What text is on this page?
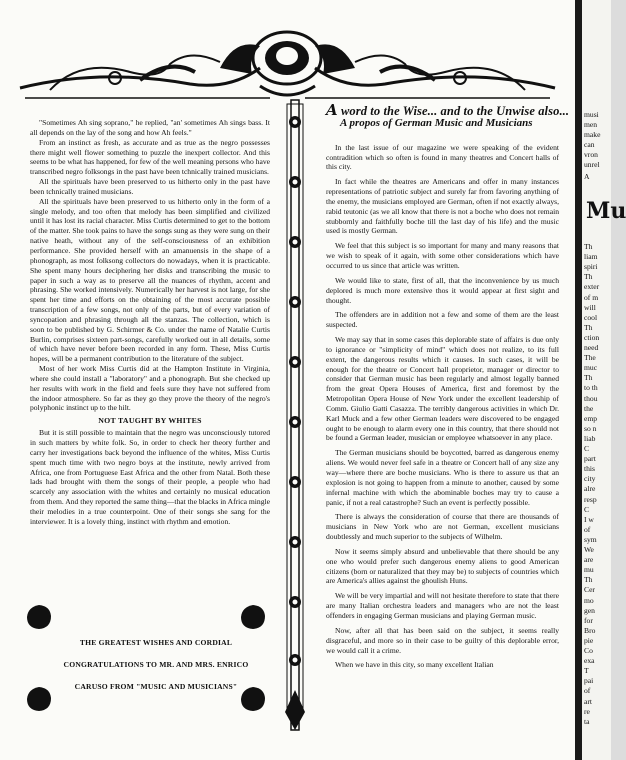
"Sometimes Ah sing soprano," he replied, "an' sometimes Ah sings bass. It all depends on the lay of the song and how Ah feels."

From an instinct as fresh, as accurate and as true as the negro possesses there might well flower something to puzzle the inexpert collector. And this seems to be what has happened, for few of the well meaning persons who have transcribed negro folksongs in the past have been tchnically trained musicians.

All the spirituals have been preserved to us hitherto only in the past have been tchnically trained musicians.

All the spirituals have been preserved to us hitherto only in the form of a single melody, and too often that melody has been simplified and civilized until it has lost its racial character. Miss Curtis determined to get to the bottom of the matter. She took pains to have the songs sung as they were sung on their native heath, without any of the self-consciousness of an exhibition performance. She provided herself with an amanuensis in the shape of a phonograph, as most folksong collectors do nowadays, when it is practicable. She spent many hours deciphering her disks and transcribing the music to paper in such a way as to preserve all the nuances of rhythm, accent and phrasing. She worked intensively. Numerically her harvest is not large, for she spent her time and efforts on the obtaining of the most accurate possible transcription of a few songs, not only of the parts, but of every variation of syncopation and phrasing through all the stanzas. The collection, which is soon to be published by G. Schirmer & Co. under the name of Natalie Curtis Burlin, comprises sixteen part-songs, carefully worked out in all details, some of which have never before been recorded in any form. These, Miss Curtis hopes, will be a permanent contribution to the literature of the subject.

Most of her work Miss Curtis did at the Hampton Institute in Virginia, where she could install a "laboratory" and a phonograph. But she checked up her results with work in the field and feels sure they have not suffered from the indoor atmosphere. So far as they go they prove the theory of the negro's polyphonic instinct up to the hilt.

NOT TAUGHT BY WHITES

But it is still possible to maintain that the negro was unconsciously tutored in such matters by white folk. So, in order to check her theory further and carry her investigations back beyond the influence of the whites, Miss Curtis spent much time with two negro boys at the institute, newly arrived from Africa, one from Portuguese East Africa and the other from Natal. Both these lads had brought with them the songs of their people, a people who had scarcely any association with the whites and certainly no musical education from them. And they reported the same thing—that the blacks in Africa mingle their melodies in a true counterpoint. One of their songs she sang for the interviewer. It is a lovely thing, instinct with rhythm and emotion.

THE GREATEST WISHES AND CORDIAL
CONGRATULATIONS TO MR. AND MRS. ENRICO
CARUSO FROM "MUSIC AND MUSICIANS"
A word to the Wise... and to the Unwise also...
A propos of German Music and Musicians

In the last issue of our magazine we were speaking of the evident contradition which so often is found in many theatres and Concert halls of this city.

In fact while the theatres are Americans and offer in many instances representations of patriotic subject and surely far from favoring anything of the enemy, the musicians employed are German, often if not exactly always, rabid teutonic (as we all know that there is not a boche who does not remain stubbornly and faithfully boche till the last day of his life) and the music used is mostly German.

We feel that this subject is so important for many and many reasons that we wish to speak of it again, with some other considerations which have occurred to us since that article was written.

We would like to state, first of all, that the inconvenience by us much deplored is much more extensive thos it would appear at first sight and thought.

The offenders are in addition not a few and some of them are the least suspected.

We may say that in some cases this deplorable state of affairs is due only to ignorance or "simplicity of mind" which does not realize, to its full extent, the dangerous results which it causes. In such cases, it will be enough for the theatre or Concert hall proprietor, manager or director to consider that German music has been regularly and almost legally banned from the great Opera Houses of America, first and foremost by the Metropolitan Opera House of New York under the excellent leadership of Comm. Giulio Gatti Casazza. The terribly dangerous activities in which Dr. Karl Muck and a few other German leaders were discovered to be engaged ought to be enough to alarm every one in this country, that there should not be found a German leader, musician or employee whatsoever in any place.

The German musicians should be boycotted, barred as dangerous enemy aliens. We would never feel safe in a theatre or Concert hall of any size any way—where there are boche musicians. Who is there to assure us that an explosion is not going to happen from a minute to another, caused by some infernal machine with which the abominable boches may try to cause a panic, if not a real catastrophe? Such an event is perfectly possible.

There is always the consideration of course that there are thousands of musicians in New York who are not German, excellent musicians doubtlessly and much superior to the subjects of Wilhelm.

Now it seems simply absurd and unbelievable that there should be any one who would prefer such dangerous enemy aliens to good American citizens (born or naturalized that they may be) to subjects of countries which are America's allies against the ghoulish Huns.

We will be very impartial and will not hesitate therefore to state that there are many Italian orchestra leaders and managers who are not the least offenders in engaging German musicians and playing German music.

Now, after all that has been said on the subject, it seems really disgraceful, and more so in their case to be guilty of this deplorable error, we would call it a crime.

When we have in this city, so many excellent Italian

musi
men
make
can
vron
unrel
A
Mu
Th
liam
spiri
Th
exter
of m
will
cool
Th
ction
need
The
muc
Th
to th
thou
the
emp
so n
liab
C
part
this
city
alre
resp
C
I w
of
sym
We
are
mu
Th
Cer
mo
gen
for
Bro
pie
Co
exa
T
pai
of
art
re
ta
